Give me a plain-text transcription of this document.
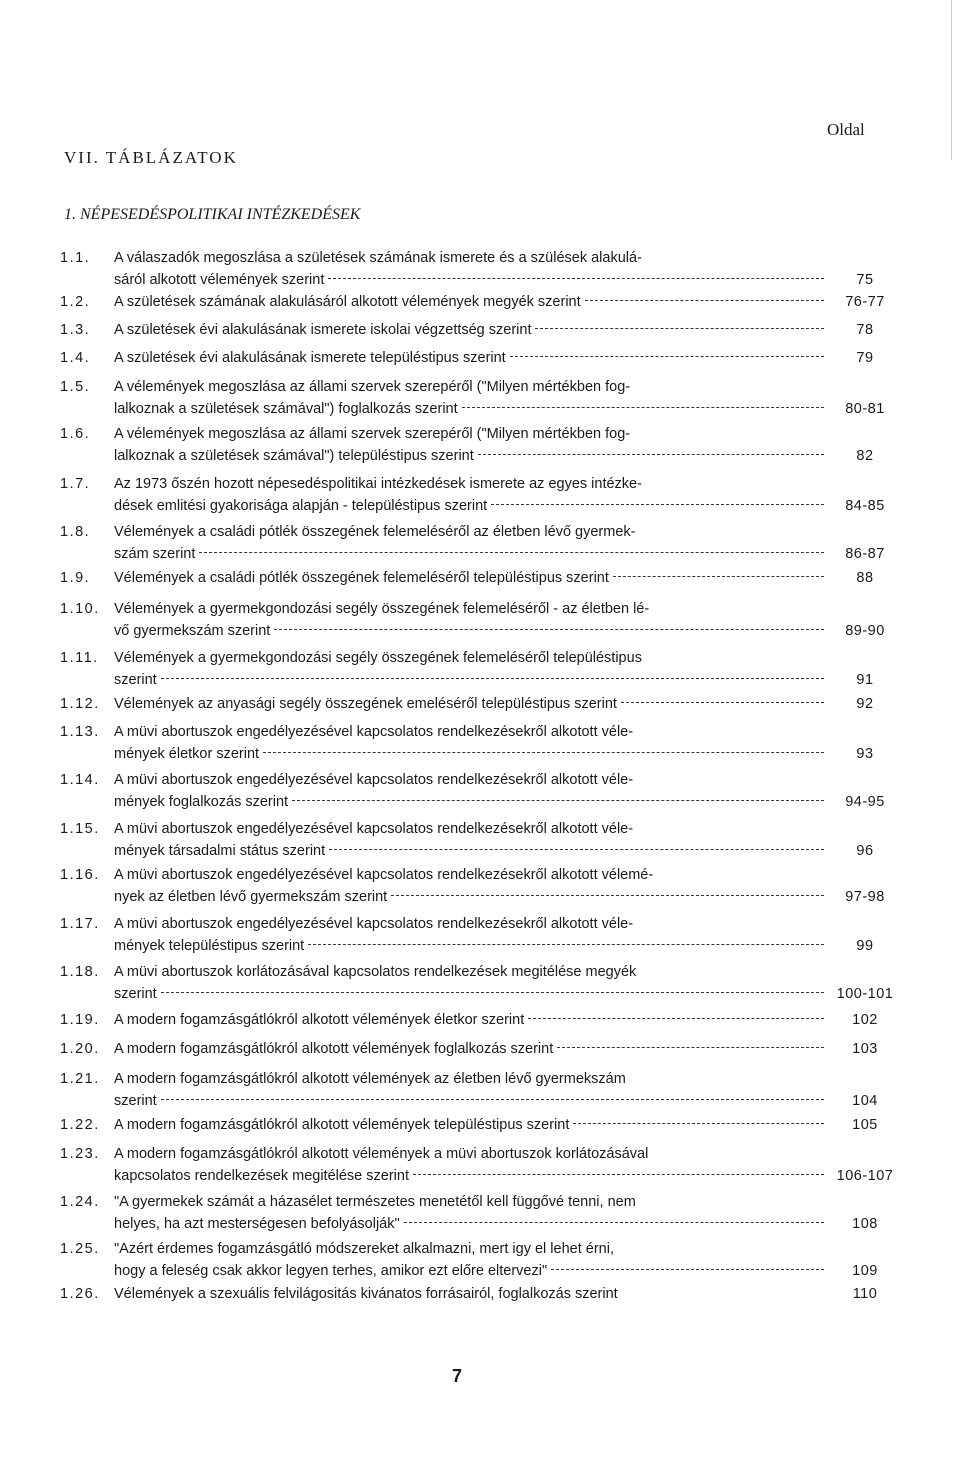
Oldal
VII. TÁBLÁZATOK
1. NÉPESEDÉSPOLITIKAI INTÉZKEDÉSEK
1.1.	A válaszadók megoszlása a születések számának ismerete és a szülések alakulá-
sáról alkotott vélemények szerint	75
1.2.	A születések számának alakulásáról alkotott vélemények megyék szerint	76-77
1.3.	A születések évi alakulásának ismerete iskolai végzettség szerint	78
1.4.	A születések évi alakulásának ismerete településtipus szerint	79
1.5.	A vélemények megoszlása az állami szervek szerepéről ("Milyen mértékben fog-
lalkoznak a születések számával") foglalkozás szerint	80-81
1.6.	A vélemények megoszlása az állami szervek szerepéről ("Milyen mértékben fog-
lalkoznak a születések számával") településtipus szerint	82
1.7.	Az 1973 őszén hozott népesedéspolitikai intézkedések ismerete az egyes intézke-
dések emlitési gyakorisága alapján - településtipus szerint	84-85
1.8.	Vélemények a családi pótlék összegének felemeléséről az életben lévő gyermek-
szám szerint	86-87
1.9.	Vélemények a családi pótlék összegének felemeléséről településtipus szerint	88
1.10. Vélemények a gyermekgondozási segély összegének felemeléséről - az életben lé-
vő gyermekszám szerint	89-90
1.11.	Vélemények a gyermekgondozási segély összegének felemeléséről településtipus
szerint	91
1.12. Vélemények az anyasági segély összegének emeléséről településtipus szerint	92
1.13. A müvi abortuszok engedélyezésével kapcsolatos rendelkezésekről alkotott véle-
mények életkor szerint	93
1.14. A müvi abortuszok engedélyezésével kapcsolatos rendelkezésekről alkotott véle-
mények foglalkozás szerint	94-95
1.15. A müvi abortuszok engedélyezésével kapcsolatos rendelkezésekről alkotott véle-
mények társadalmi státus szerint	96
1.16. A müvi abortuszok engedélyezésével kapcsolatos rendelkezésekről alkotott vélemé-
nyek az életben lévő gyermekszám szerint	97-98
1.17. A müvi abortuszok engedélyezésével kapcsolatos rendelkezésekről alkotott véle-
mények településtipus szerint	99
1.18. A müvi abortuszok korlátozásával kapcsolatos rendelkezések megitélése megyék
szerint	100-101
1.19. A modern fogamzásgátlókról alkotott vélemények életkor szerint	102
1.20. A modern fogamzásgátlókról alkotott vélemények foglalkozás szerint	103
1.21. A modern fogamzásgátlókról alkotott vélemények az életben lévő gyermekszám
szerint	104
1.22. A modern fogamzásgátlókról alkotott vélemények településtipus szerint	105
1.23. A modern fogamzásgátlókról alkotott vélemények a müvi abortuszok korlátozásával
kapcsolatos rendelkezések megitélése szerint	106-107
1.24. "A gyermekek számát a házasélet természetes menetétől kell függővé tenni, nem
helyes, ha azt mesterségesen befolyásolják"	108
1.25. "Azért érdemes fogamzásgátló módszereket alkalmazni, mert igy el lehet érni,
hogy a feleség csak akkor legyen terhes, amikor ezt előre eltervezi"	109
1.26. Vélemények a szexuális felvilágositás kivánatos forrásairól, foglalkozás szerint	110
7
